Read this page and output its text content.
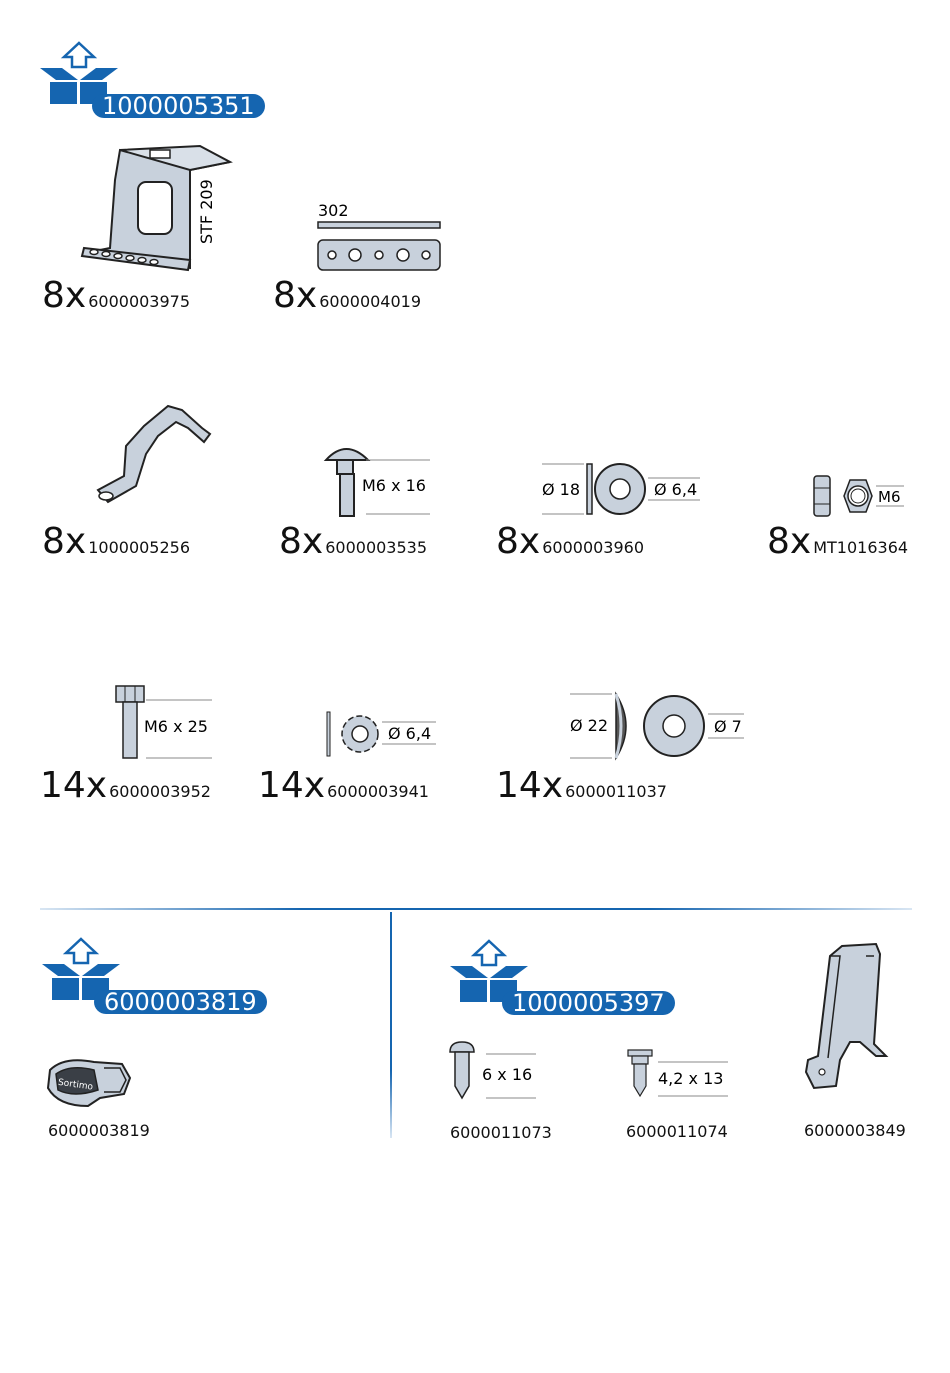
1000005351
STF 209
8x 6000003975
302
8x 6000004019
8x 1000005256
M6 x 16
8x 6000003535
Ø 18	Ø 6,4
8x 6000003960
M6
8x MT1016364
M6 x 25
14x 6000003952
Ø 6,4
14x 6000003941
Ø 22	Ø 7
14x 6000011037
6000003819
Sortimo
6000003819
1000005397
6 x 16
6000011073
4,2 x 13
6000011074	6000003849
